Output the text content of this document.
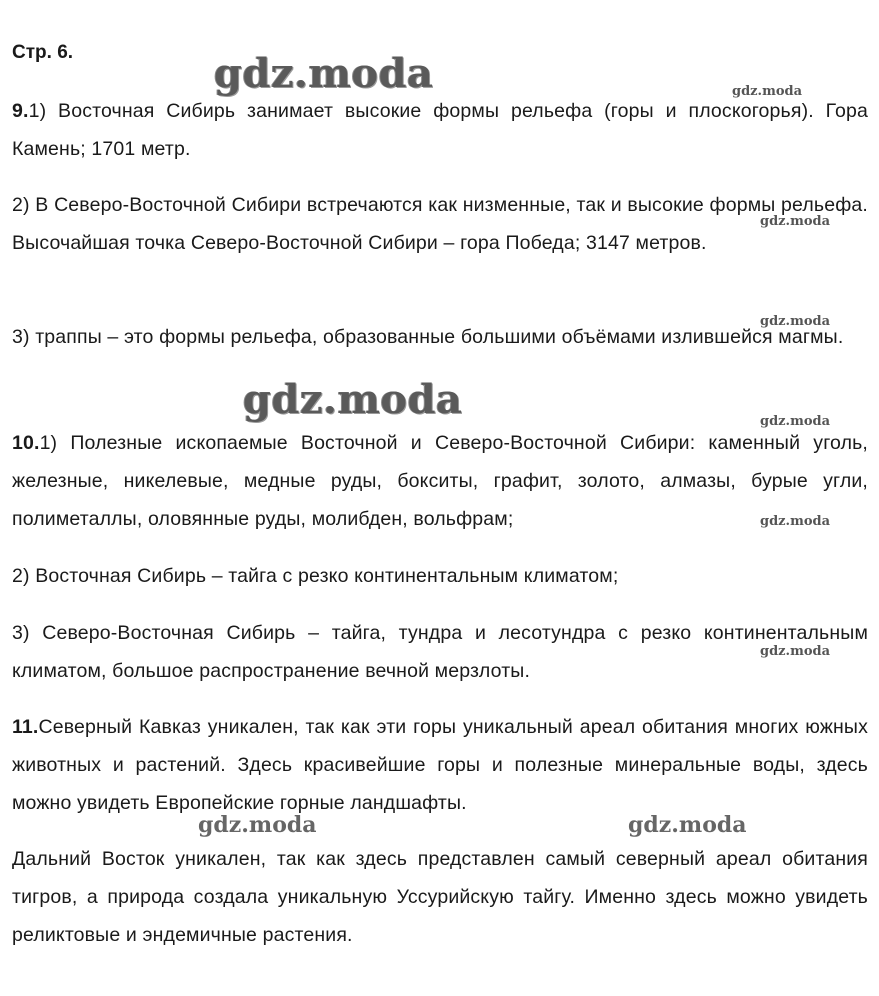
Стр. 6.
9.1) Восточная Сибирь занимает высокие формы рельефа (горы и плоскогорья). Гора Камень; 1701 метр.
2) В Северо-Восточной Сибири встречаются как низменные, так и высокие формы рельефа. Высочайшая точка Северо-Восточной Сибири – гора Победа; 3147 метров.
3) траппы – это формы рельефа, образованные большими объёмами излившейся магмы.
10.1) Полезные ископаемые Восточной и Северо-Восточной Сибири: каменный уголь, железные, никелевые, медные руды, бокситы, графит, золото, алмазы, бурые угли, полиметаллы, оловянные руды, молибден, вольфрам;
2) Восточная Сибирь – тайга с резко континентальным климатом;
3) Северо-Восточная Сибирь – тайга, тундра и лесотундра с резко континентальным климатом, большое распространение вечной мерзлоты.
11.Северный Кавказ уникален, так как эти горы уникальный ареал обитания многих южных животных и растений. Здесь красивейшие горы и полезные минеральные воды, здесь можно увидеть Европейские горные ландшафты.
Дальний Восток уникален, так как здесь представлен самый северный ареал обитания тигров, а природа создала уникальную Уссурийскую тайгу. Именно здесь можно увидеть реликтовые и эндемичные растения.
gdz.moda	gdz.moda
gdz.moda
gdz.moda
gdz.moda	gdz.moda
gdz.moda
gdz.moda
gdz.moda	gdz.moda
